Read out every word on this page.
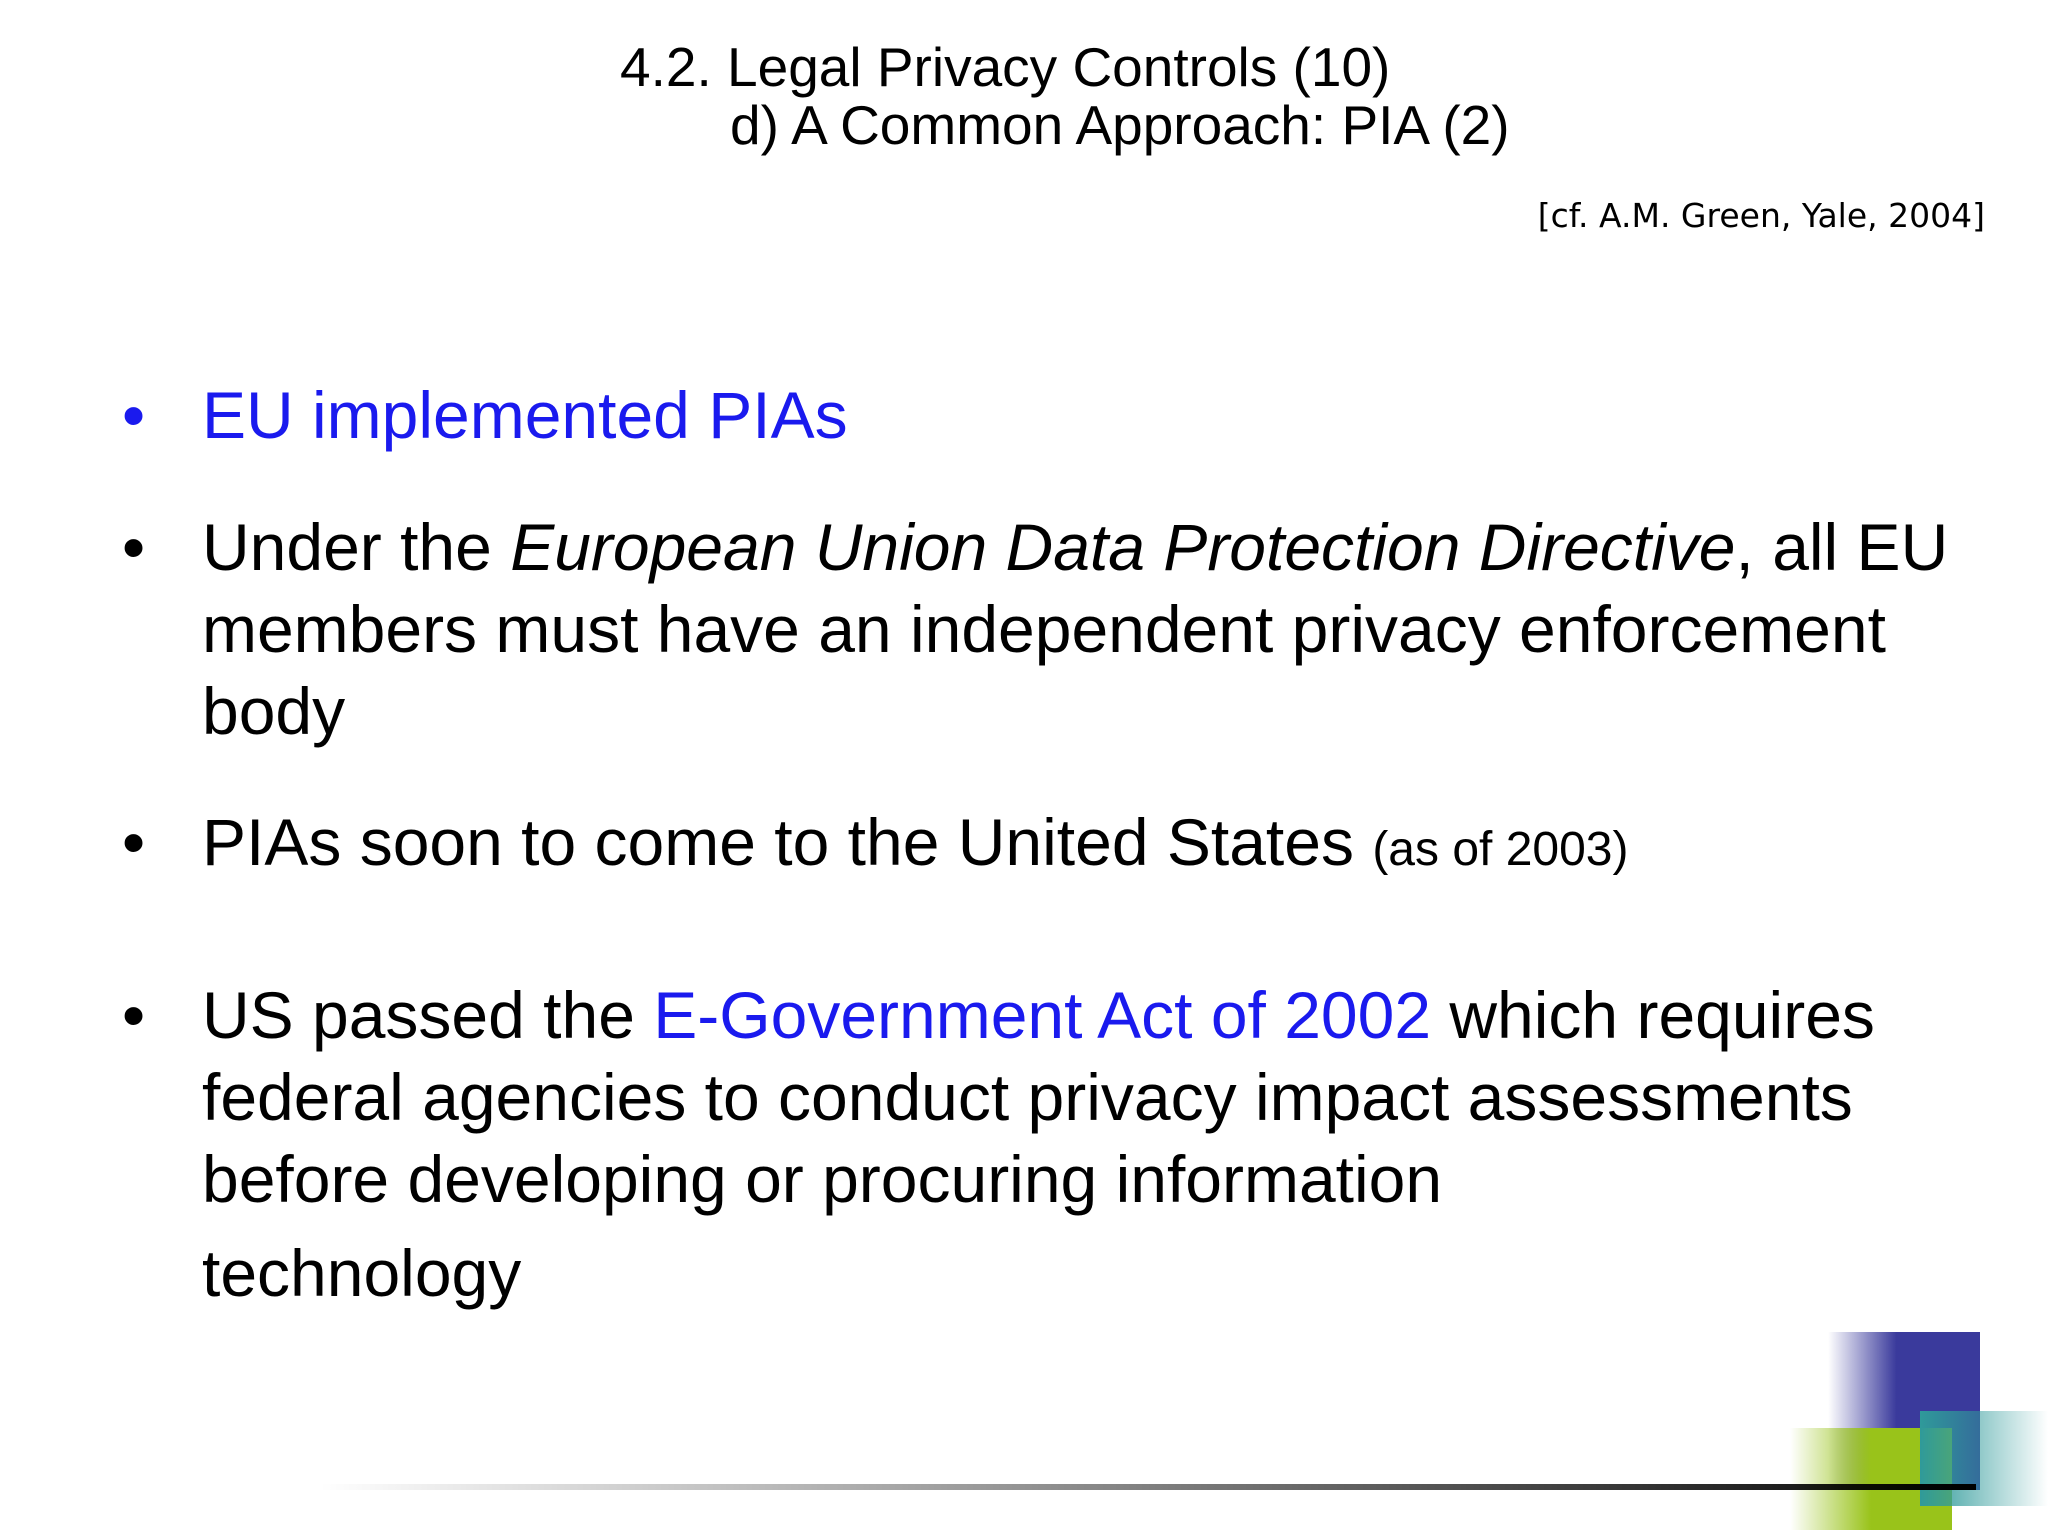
4.2. Legal Privacy Controls (10)
d) A Common Approach: PIA (2)
[cf. A.M. Green, Yale, 2004]
• EU implemented PIAs
• Under the European Union Data Protection Directive, all EU members must have an independent privacy enforcement body
• PIAs soon to come to the United States (as of 2003)
• US passed the E-Government Act of 2002 which requires federal agencies to conduct privacy impact assessments before developing or procuring information
technology
